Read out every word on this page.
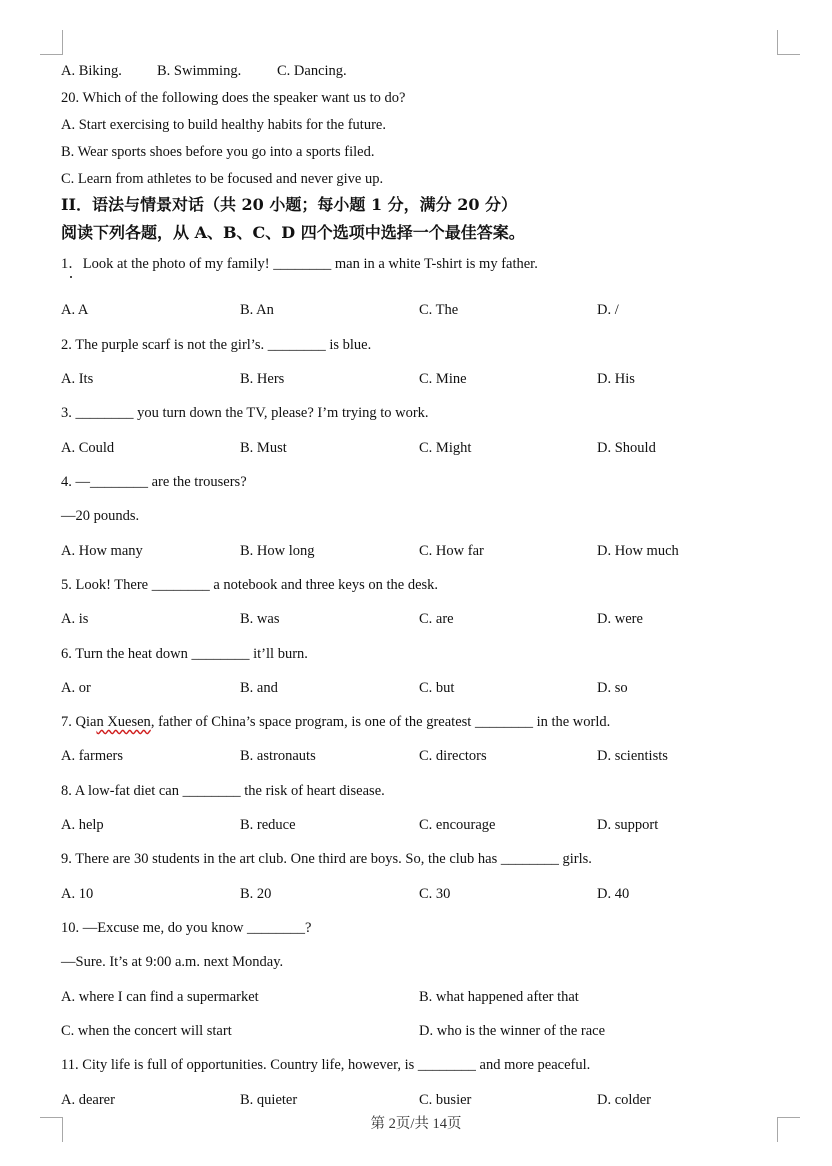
A. Biking. B. Swimming. C. Dancing.
20. Which of the following does the speaker want us to do?
A. Start exercising to build healthy habits for the future.
B. Wear sports shoes before you go into a sports filed.
C. Learn from athletes to be focused and never give up.
II．语法与情景对话（共 20 小题；每小题 1 分，满分 20 分）
阅读下列各题，从 A、B、C、D 四个选项中选择一个最佳答案。
1．Look at the photo of my family! ________ man in a white T-shirt is my father.
A. A	B. An	C. The	D. /
2. The purple scarf is not the girl’s. ________ is blue.
A. Its	B. Hers	C. Mine	D. His
3. ________ you turn down the TV, please? I’m trying to work.
A. Could	B. Must	C. Might	D. Should
4. —________ are the trousers?
—20 pounds.
A. How many	B. How long	C. How far	D. How much
5. Look! There ________ a notebook and three keys on the desk.
A. is	B. was	C. are	D. were
6. Turn the heat down ________ it’ll burn.
A. or	B. and	C. but	D. so
7. Qian Xuesen, father of China’s space program, is one of the greatest ________ in the world.
A. farmers	B. astronauts	C. directors	D. scientists
8. A low-fat diet can ________ the risk of heart disease.
A. help	B. reduce	C. encourage	D. support
9. There are 30 students in the art club. One third are boys. So, the club has ________ girls.
A. 10	B. 20	C. 30	D. 40
10. —Excuse me, do you know ________?
—Sure. It’s at 9:00 a.m. next Monday.
A. where I can find a supermarket	B. what happened after that
C. when the concert will start	D. who is the winner of the race
11. City life is full of opportunities. Country life, however, is ________ and more peaceful.
A. dearer	B. quieter	C. busier	D. colder
第 2页/共 14页
